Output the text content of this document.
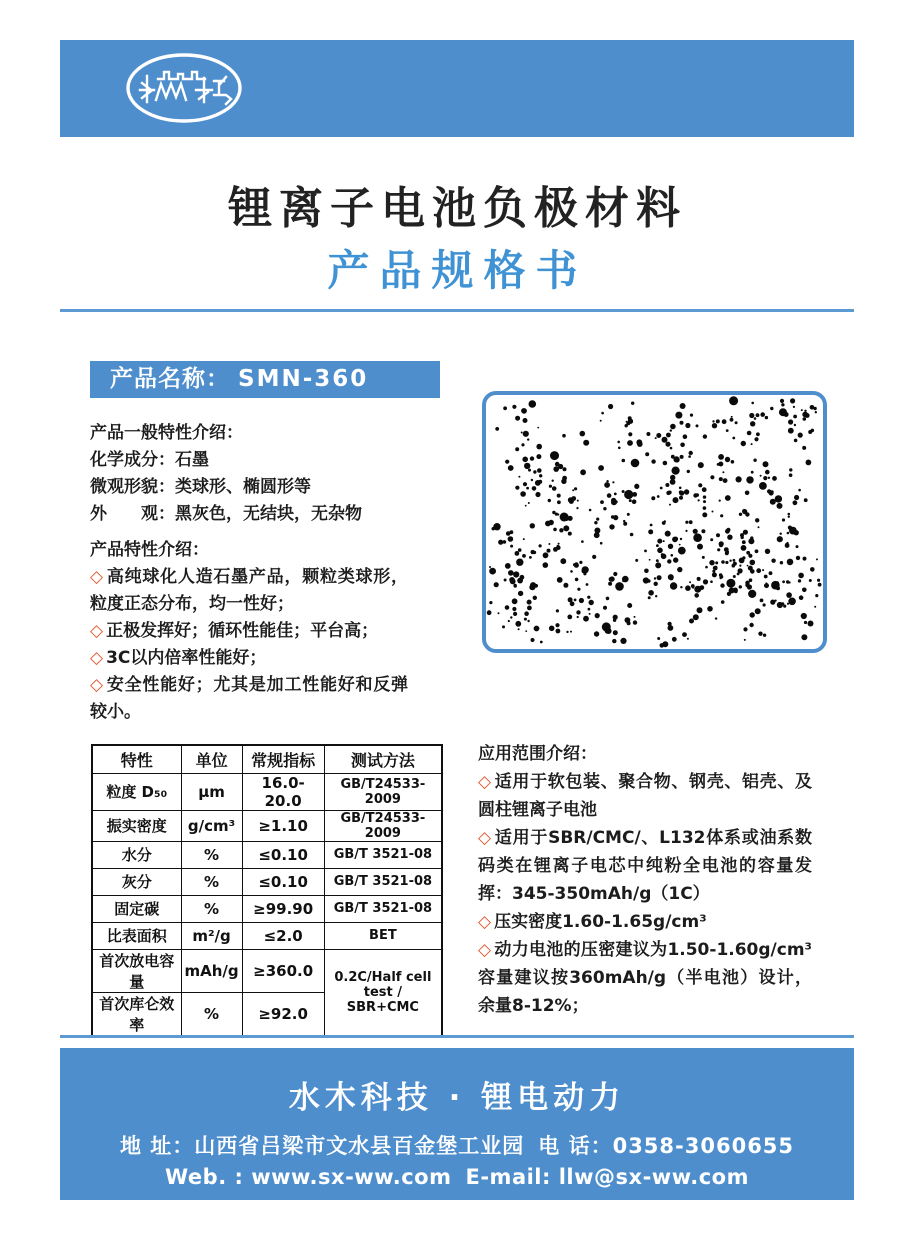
锂离子电池负极材料
产品规格书
产品名称： SMN-360
产品一般特性介绍：
化学成分：石墨
微观形貌：类球形、椭圆形等
外　　观：黑灰色，无结块，无杂物
产品特性介绍：
◇ 高纯球化人造石墨产品，颗粒类球形，粒度正态分布，均一性好；
◇ 正极发挥好；循环性能佳；平台高；
◇ 3C以内倍率性能好；
◇ 安全性能好；尤其是加工性能好和反弹较小。
特性	单位	常规指标	测试方法
粒度 D₅₀	μm	16.0-20.0	GB/T24533-2009
振实密度	g/cm³	≥1.10	GB/T24533-2009
水分	%	≤0.10	GB/T 3521-08
灰分	%	≤0.10	GB/T 3521-08
固定碳	%	≥99.90	GB/T 3521-08
比表面积	m²/g	≤2.0	BET
首次放电容量	mAh/g	≥360.0	0.2C/Half cell test / SBR+CMC
首次库仑效率	%	≥92.0	
应用范围介绍：
◇ 适用于软包装、聚合物、钢壳、铝壳、及圆柱锂离子电池
◇ 适用于SBR/CMC/、L132体系或油系数码类在锂离子电芯中纯粉全电池的容量发挥：345-350mAh/g（1C）
◇ 压实密度1.60-1.65g/cm³
◇ 动力电池的压密建议为1.50-1.60g/cm³容量建议按360mAh/g（半电池）设计，余量8-12%；
水木科技 · 锂电动力
地 址：山西省吕梁市文水县百金堡工业园 电 话：0358-3060655
Web. : www.sx-ww.com E-mail: llw@sx-ww.com
